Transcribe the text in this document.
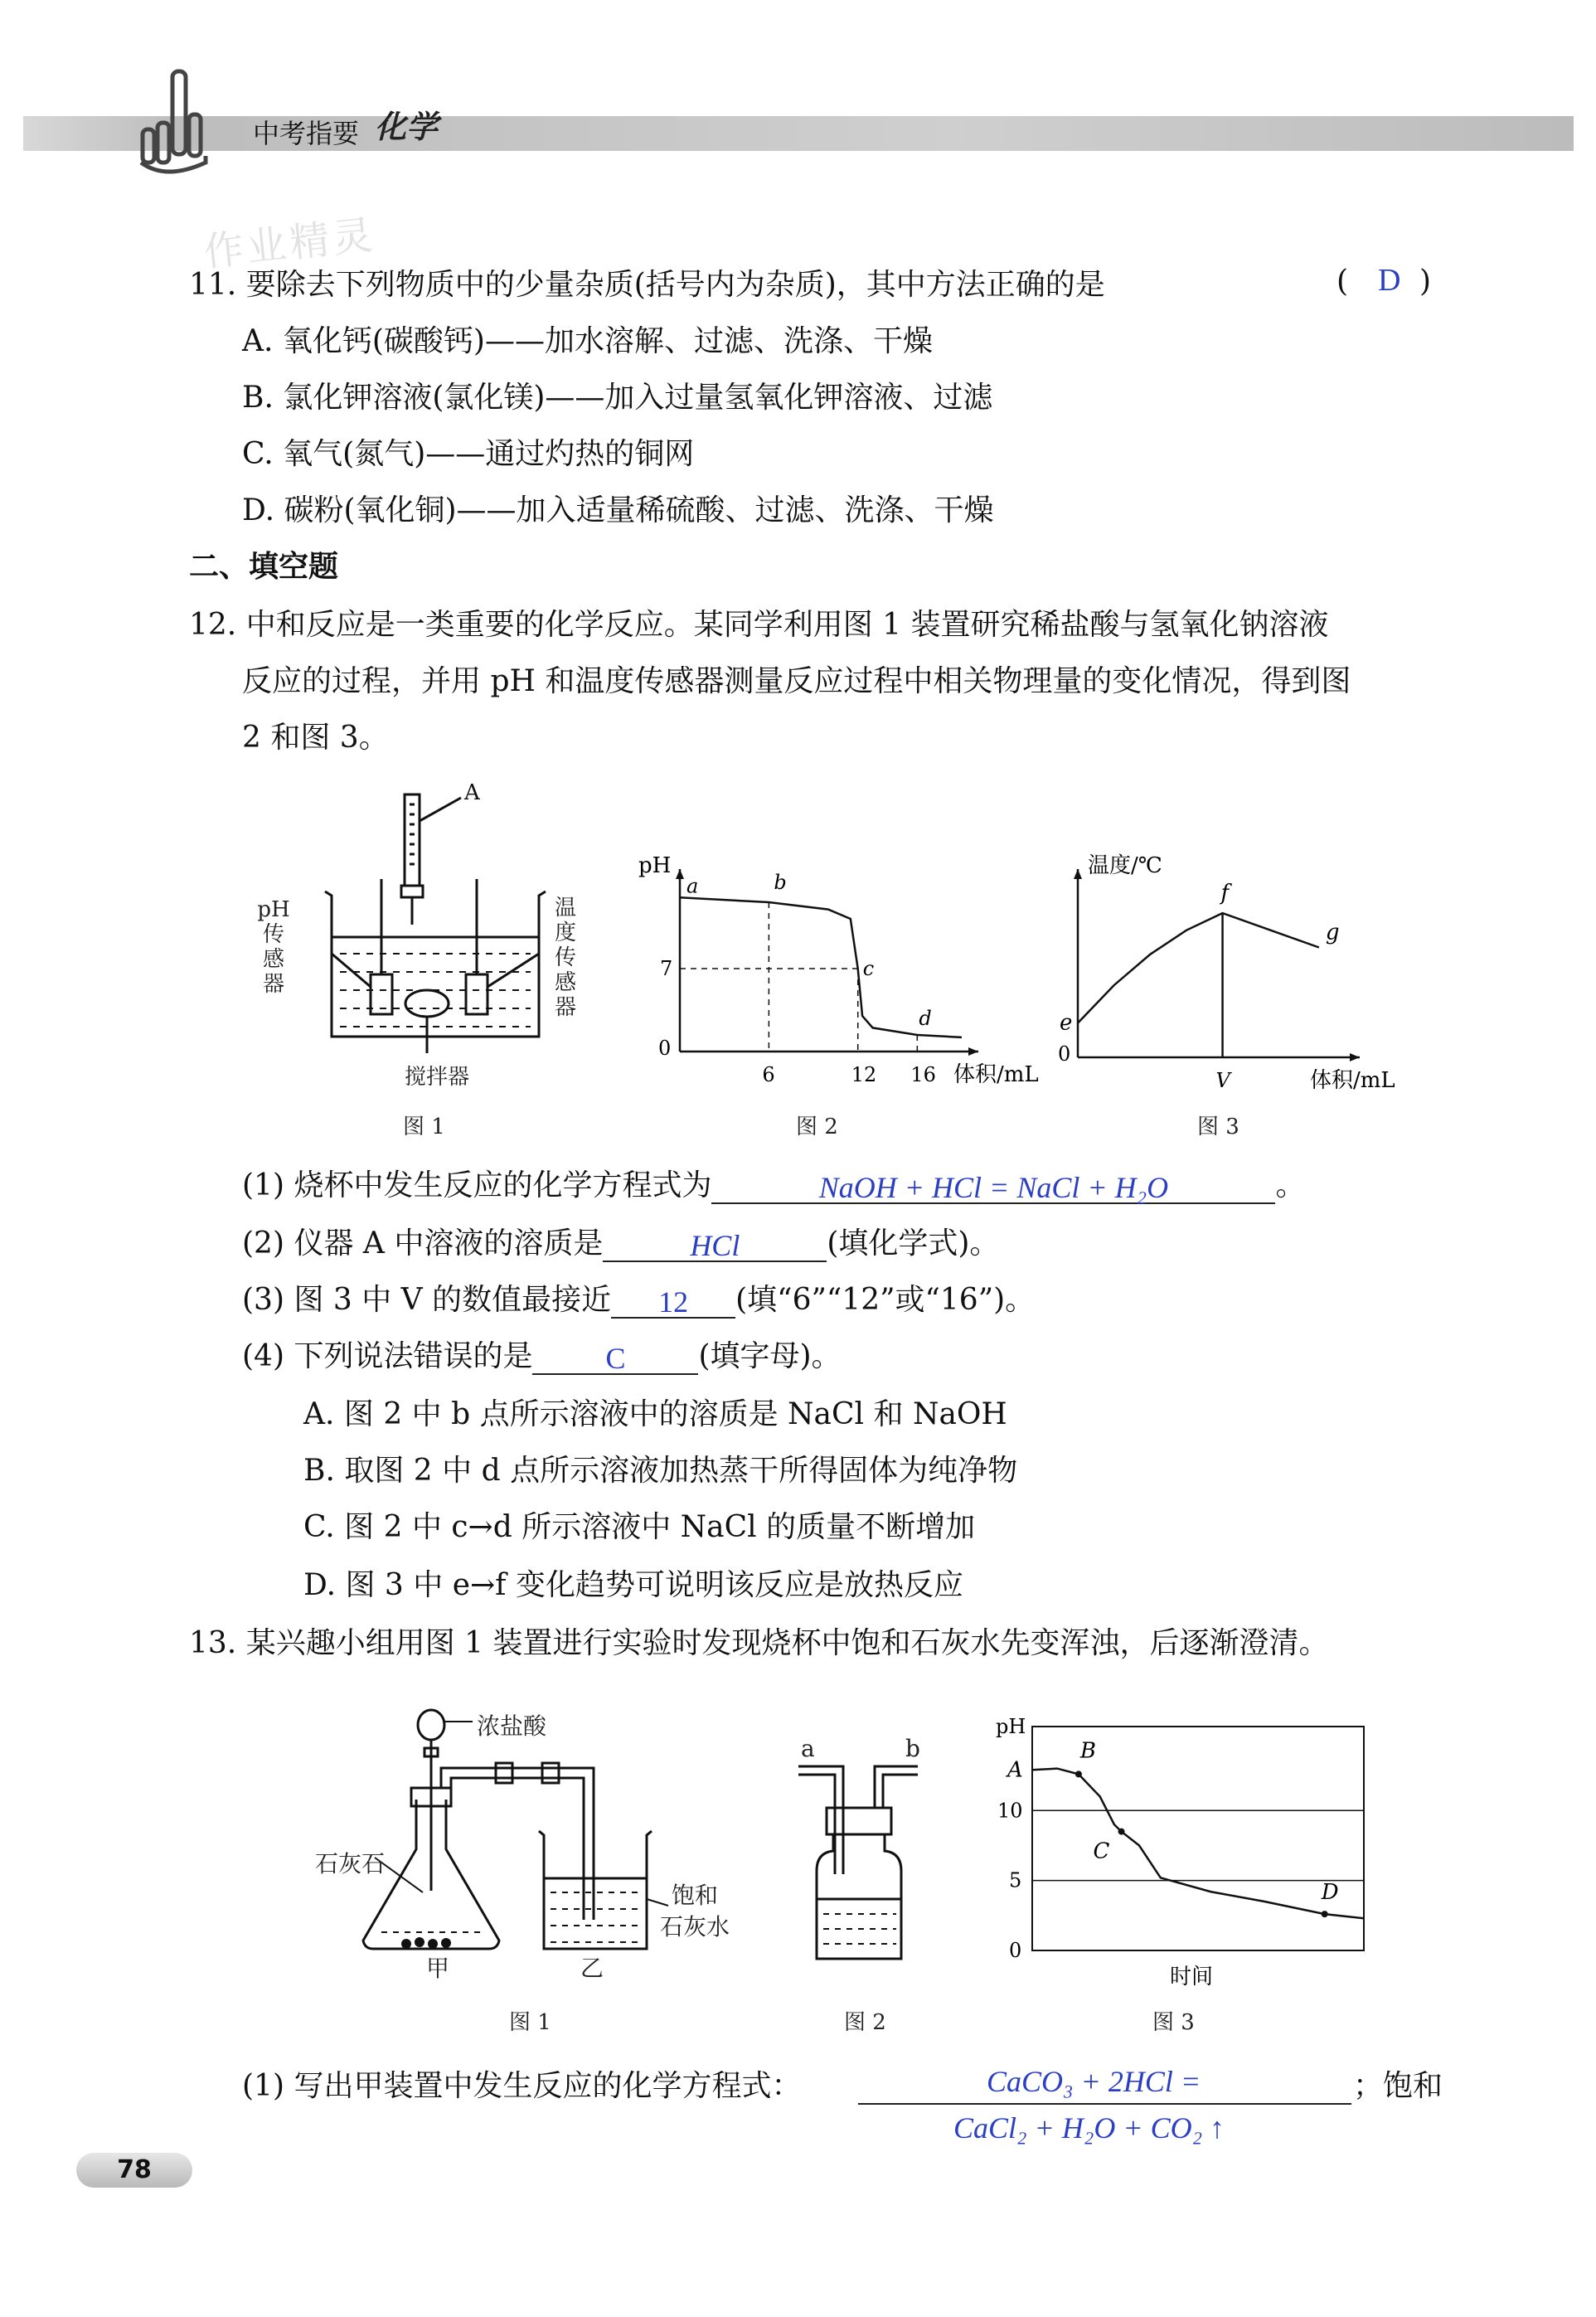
中考指要 化学
作业精灵
11. 要除去下列物质中的少量杂质(括号内为杂质)，其中方法正确的是	( D )
A. 氧化钙(碳酸钙)——加水溶解、过滤、洗涤、干燥
B. 氯化钾溶液(氯化镁)——加入过量氢氧化钾溶液、过滤
C. 氧气(氮气)——通过灼热的铜网
D. 碳粉(氧化铜)——加入适量稀硫酸、过滤、洗涤、干燥
二、填空题
12. 中和反应是一类重要的化学反应。某同学利用图 1 装置研究稀盐酸与氢氧化钠溶液
反应的过程，并用 pH 和温度传感器测量反应过程中相关物理量的变化情况，得到图
2 和图 3。
A
pH
传
感
器
温
度
传
感
器
搅拌器
图 1
pH
体积/mL
0
6	12 16
7
a	b
c
d
图 2
温度/℃
体积/mL
0
V
e
f
g
图 3
(1) 烧杯中发生反应的化学方程式为	NaOH + HCl = NaCl + H₂O	。
(2) 仪器 A 中溶液的溶质是	HCl	(填化学式)。
(3) 图 3 中 V 的数值最接近 12 (填“6”“12”或“16”)。
(4) 下列说法错误的是 C (填字母)。
A. 图 2 中 b 点所示溶液中的溶质是 NaCl 和 NaOH
B. 取图 2 中 d 点所示溶液加热蒸干所得固体为纯净物
C. 图 2 中 c→d 所示溶液中 NaCl 的质量不断增加
D. 图 3 中 e→f 变化趋势可说明该反应是放热反应
13. 某兴趣小组用图 1 装置进行实验时发现烧杯中饱和石灰水先变浑浊，后逐渐澄清。
浓盐酸
石灰石
饱和
石灰水
甲	乙
图 1
a	b
图 2
0
5
10
pH
时间
A
B
C
D
图 3
(1) 写出甲装置中发生反应的化学方程式：	CaCO₃ + 2HCl =
CaCl₂ + H₂O + CO₂ ↑
；饱和
78
